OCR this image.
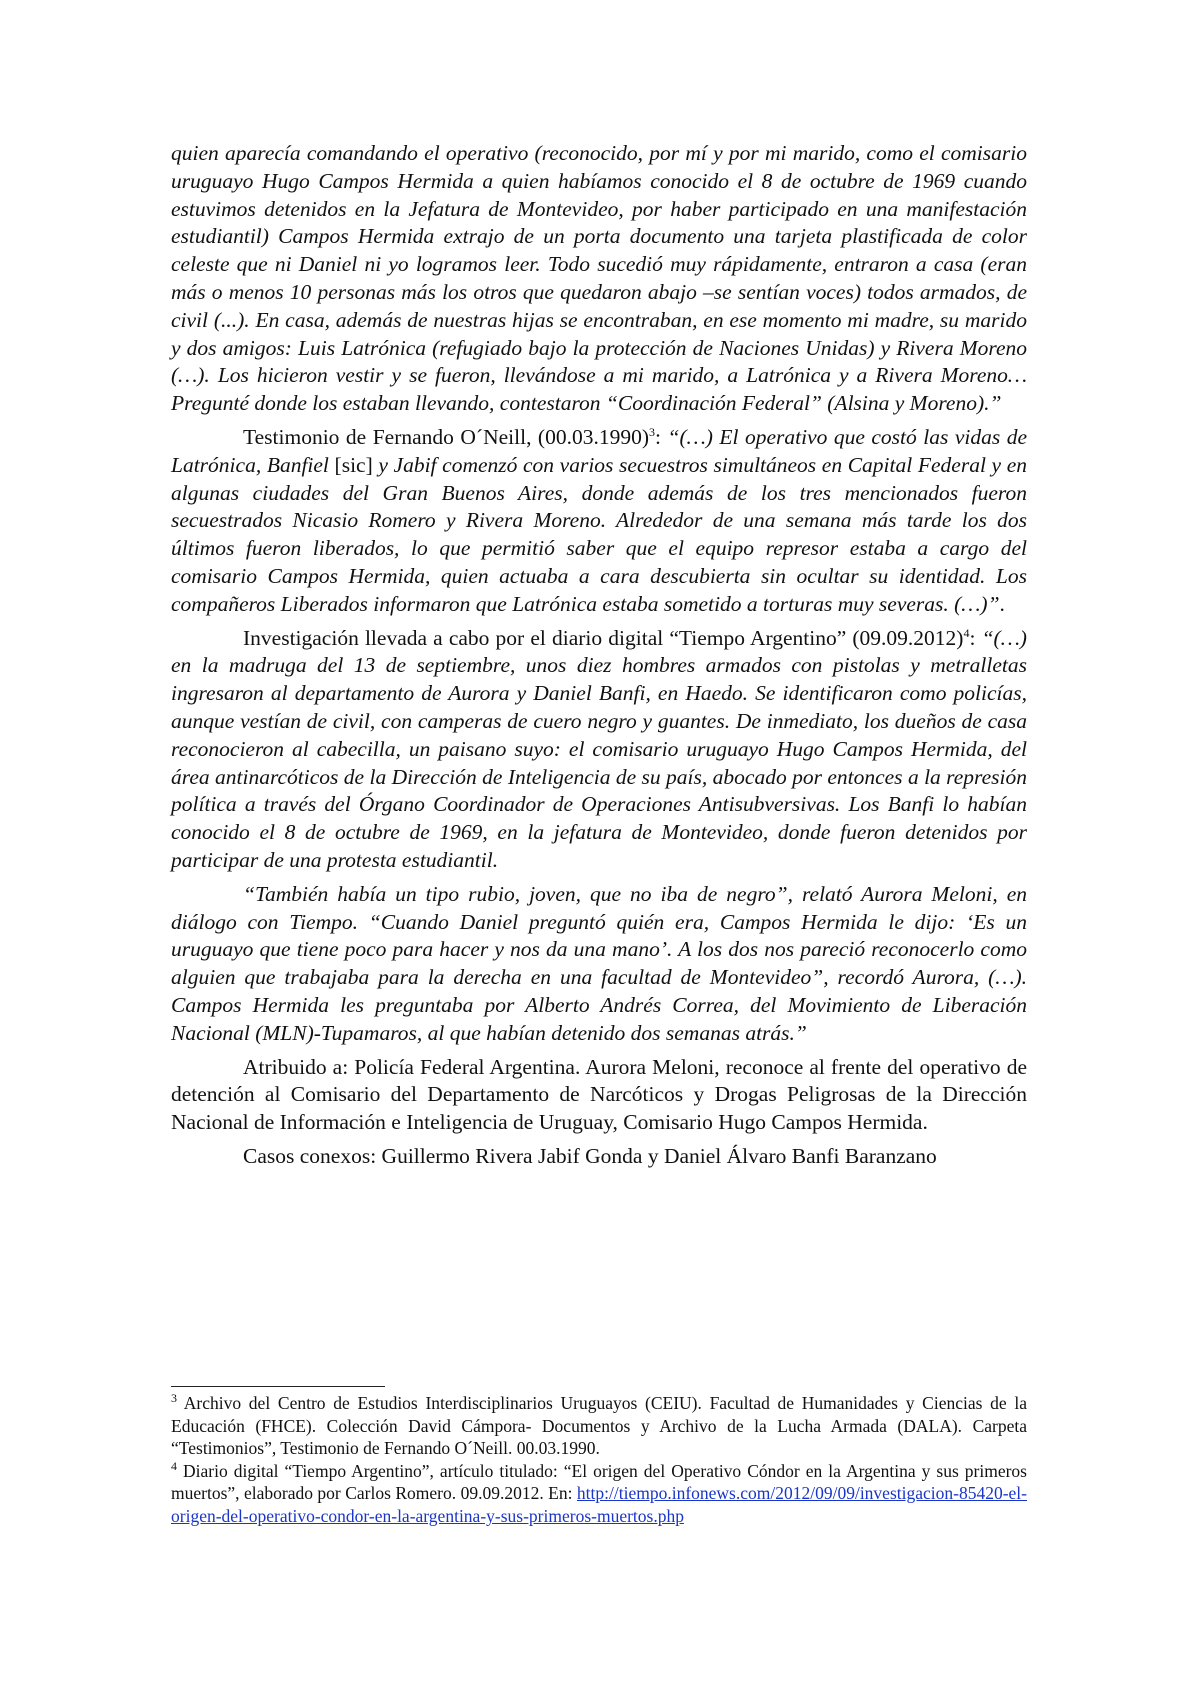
quien aparecía comandando el operativo (reconocido, por mí y por mi marido, como el comisario uruguayo Hugo Campos Hermida a quien habíamos conocido el 8 de octubre de 1969 cuando estuvimos detenidos en la Jefatura de Montevideo, por haber participado en una manifestación estudiantil) Campos Hermida extrajo de un porta documento una tarjeta plastificada de color celeste que ni Daniel ni yo logramos leer. Todo sucedió muy rápidamente, entraron a casa (eran más o menos 10 personas más los otros que quedaron abajo –se sentían voces) todos armados, de civil (...). En casa, además de nuestras hijas se encontraban, en ese momento mi madre, su marido y dos amigos: Luis Latrónica (refugiado bajo la protección de Naciones Unidas) y Rivera Moreno (…). Los hicieron vestir y se fueron, llevándose a mi marido, a Latrónica y a Rivera Moreno… Pregunté donde los estaban llevando, contestaron “Coordinación Federal” (Alsina y Moreno).”

Testimonio de Fernando O´Neill, $(00.03.1990)^3$: “(…) El operativo que costó las vidas de Latrónica, Banfiel [sic] y Jabif comenzó con varios secuestros simultáneos en Capital Federal y en algunas ciudades del Gran Buenos Aires, donde además de los tres mencionados fueron secuestrados Nicasio Romero y Rivera Moreno. Alrededor de una semana más tarde los dos últimos fueron liberados, lo que permitió saber que el equipo represor estaba a cargo del comisario Campos Hermida, quien actuaba a cara descubierta sin ocultar su identidad. Los compañeros Liberados informaron que Latrónica estaba sometido a torturas muy severas. (…)”.

Investigación llevada a cabo por el diario digital “Tiempo Argentino” $(09.09.2012)^4$: “(…) en la madruga del 13 de septiembre, unos diez hombres armados con pistolas y metralletas ingresaron al departamento de Aurora y Daniel Banfi, en Haedo. Se identificaron como policías, aunque vestían de civil, con camperas de cuero negro y guantes. De inmediato, los dueños de casa reconocieron al cabecilla, un paisano suyo: el comisario uruguayo Hugo Campos Hermida, del área antinarcóticos de la Dirección de Inteligencia de su país, abocado por entonces a la represión política a través del Órgano Coordinador de Operaciones Antisubversivas. Los Banfi lo habían conocido el 8 de octubre de 1969, en la jefatura de Montevideo, donde fueron detenidos por participar de una protesta estudiantil.

“También había un tipo rubio, joven, que no iba de negro”, relató Aurora Meloni, en diálogo con Tiempo. “Cuando Daniel preguntó quién era, Campos Hermida le dijo: ‘Es un uruguayo que tiene poco para hacer y nos da una mano’. A los dos nos pareció reconocerlo como alguien que trabajaba para la derecha en una facultad de Montevideo”, recordó Aurora, (…). Campos Hermida les preguntaba por Alberto Andrés Correa, del Movimiento de Liberación Nacional (MLN)-Tupamaros, al que habían detenido dos semanas atrás.”

Atribuido a: Policía Federal Argentina. Aurora Meloni, reconoce al frente del operativo de detención al Comisario del Departamento de Narcóticos y Drogas Peligrosas de la Dirección Nacional de Información e Inteligencia de Uruguay, Comisario Hugo Campos Hermida.

Casos conexos: Guillermo Rivera Jabif Gonda y Daniel Álvaro Banfi Baranzano

$^3$ Archivo del Centro de Estudios Interdisciplinarios Uruguayos (CEIU). Facultad de Humanidades y Ciencias de la Educación (FHCE). Colección David Cámpora- Documentos y Archivo de la Lucha Armada (DALA). Carpeta “Testimonios”, Testimonio de Fernando O´Neill. 00.03.1990.

$^4$ Diario digital “Tiempo Argentino”, artículo titulado: “El origen del Operativo Cóndor en la Argentina y sus primeros muertos”, elaborado por Carlos Romero. 09.09.2012. En: http://tiempo.infonews.com/2012/09/09/investigacion-85420-el-origen-del-operativo-condor-en-la-argentina-y-sus-primeros-muertos.php
